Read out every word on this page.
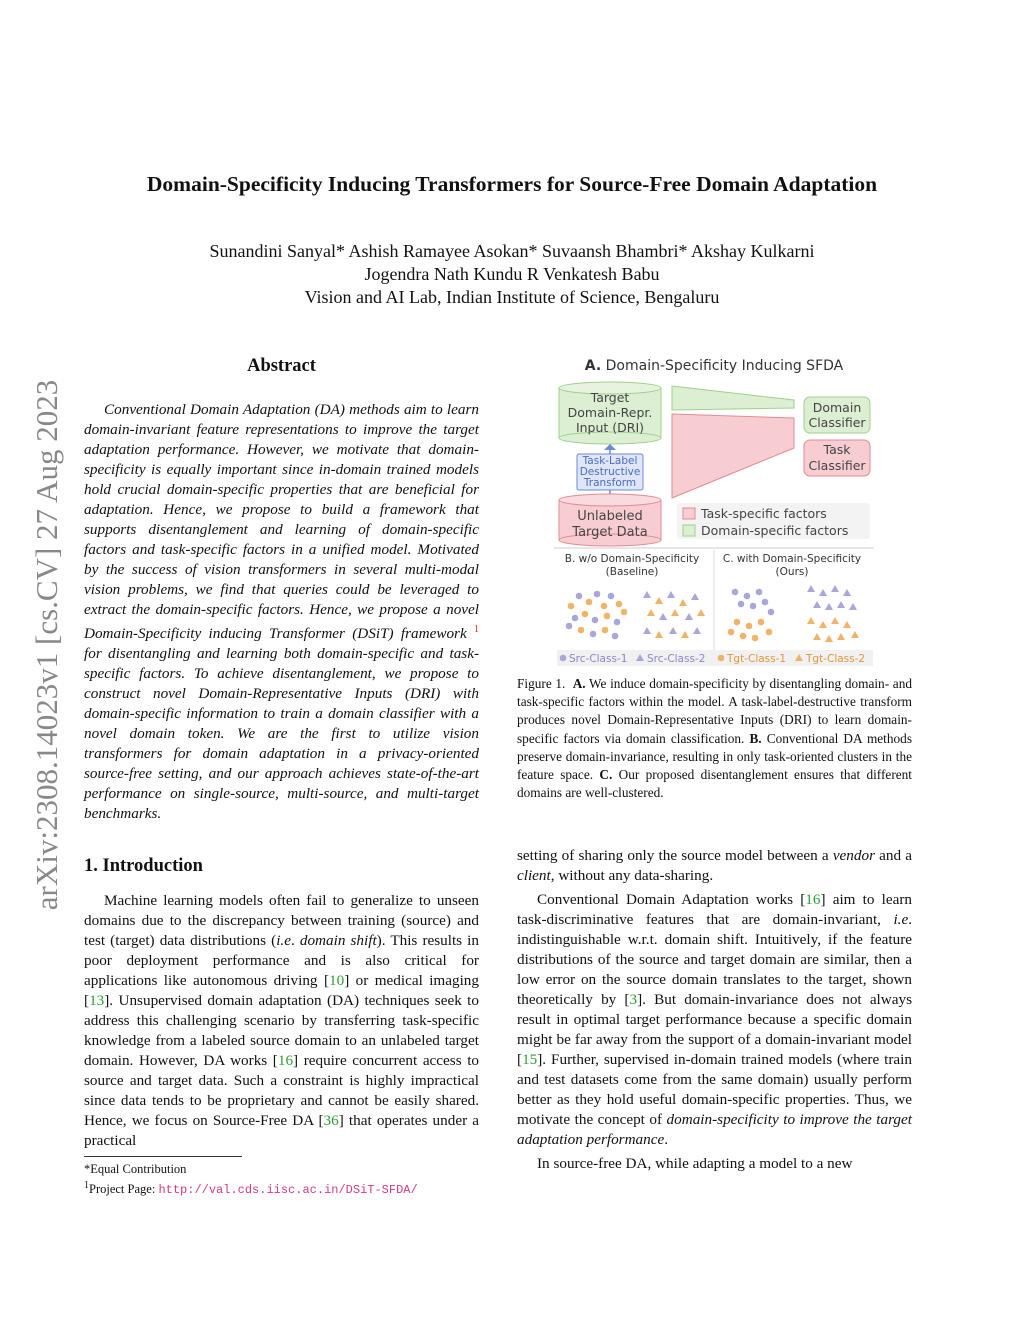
Domain-Specificity Inducing Transformers for Source-Free Domain Adaptation
Sunandini Sanyal* Ashish Ramayee Asokan* Suvaansh Bhambri* Akshay Kulkarni
Jogendra Nath Kundu R Venkatesh Babu
Vision and AI Lab, Indian Institute of Science, Bengaluru
arXiv:2308.14023v1 [cs.CV] 27 Aug 2023
Abstract

Conventional Domain Adaptation (DA) methods aim to learn domain-invariant feature representations to improve the target adaptation performance. However, we motivate that domain-specificity is equally important since in-domain trained models hold crucial domain-specific properties that are beneficial for adaptation. Hence, we propose to build a framework that supports disentanglement and learning of domain-specific factors and task-specific factors in a unified model. Motivated by the success of vision transformers in several multi-modal vision problems, we find that queries could be leveraged to extract the domain-specific factors. Hence, we propose a novel Domain-Specificity inducing Transformer (DSiT) framework $^1$ for disentangling and learning both domain-specific and task-specific factors. To achieve disentanglement, we propose to construct novel Domain-Representative Inputs (DRI) with domain-specific information to train a domain classifier with a novel domain token. We are the first to utilize vision transformers for domain adaptation in a privacy-oriented source-free setting, and our approach achieves state-of-the-art performance on single-source, multi-source, and multi-target benchmarks.

1. Introduction

Machine learning models often fail to generalize to unseen domains due to the discrepancy between training (source) and test (target) data distributions (i.e. domain shift). This results in poor deployment performance and is also critical for applications like autonomous driving [10] or medical imaging [13]. Unsupervised domain adaptation (DA) techniques seek to address this challenging scenario by transferring task-specific knowledge from a labeled source domain to an unlabeled target domain. However, DA works [16] require concurrent access to source and target data. Such a constraint is highly impractical since data tends to be proprietary and cannot be easily shared. Hence, we focus on Source-Free DA [36] that operates under a practical

*Equal Contribution
$^1$Project Page: http://val.cds.iisc.ac.in/DSiT-SFDA/

setting of sharing only the source model between a vendor and a client, without any data-sharing.

Conventional Domain Adaptation works [16] aim to learn task-discriminative features that are domain-invariant, i.e. indistinguishable w.r.t. domain shift. Intuitively, if the feature distributions of the source and target domain are similar, then a low error on the source domain translates to the target, shown theoretically by [3]. But domain-invariance does not always result in optimal target performance because a specific domain might be far away from the support of a domain-invariant model [15]. Further, supervised in-domain trained models (where train and test datasets come from the same domain) usually perform better as they hold useful domain-specific properties. Thus, we motivate the concept of domain-specificity to improve the target adaptation performance.

In source-free DA, while adapting a model to a new

A. Domain-Specificity Inducing SFDA
Target
Domain-Repr.
Input (DRI)
Task-Label
Destructive
Transform
Unlabeled
Target Data
Domain
Classifier
Task
Classifier
Task-specific factors
Domain-specific factors
B. w/o Domain-Specificity
(Baseline)
C. with Domain-Specificity
(Ours)
Src-Class-1 Src-Class-2 Tgt-Class-1 Tgt-Class-2

Figure 1. A. We induce domain-specificity by disentangling domain- and task-specific factors within the model. A task-label-destructive transform produces novel Domain-Representative Inputs (DRI) to learn domain-specific factors via domain classification. B. Conventional DA methods preserve domain-invariance, resulting in only task-oriented clusters in the feature space. C. Our proposed disentanglement ensures that different domains are well-clustered.
